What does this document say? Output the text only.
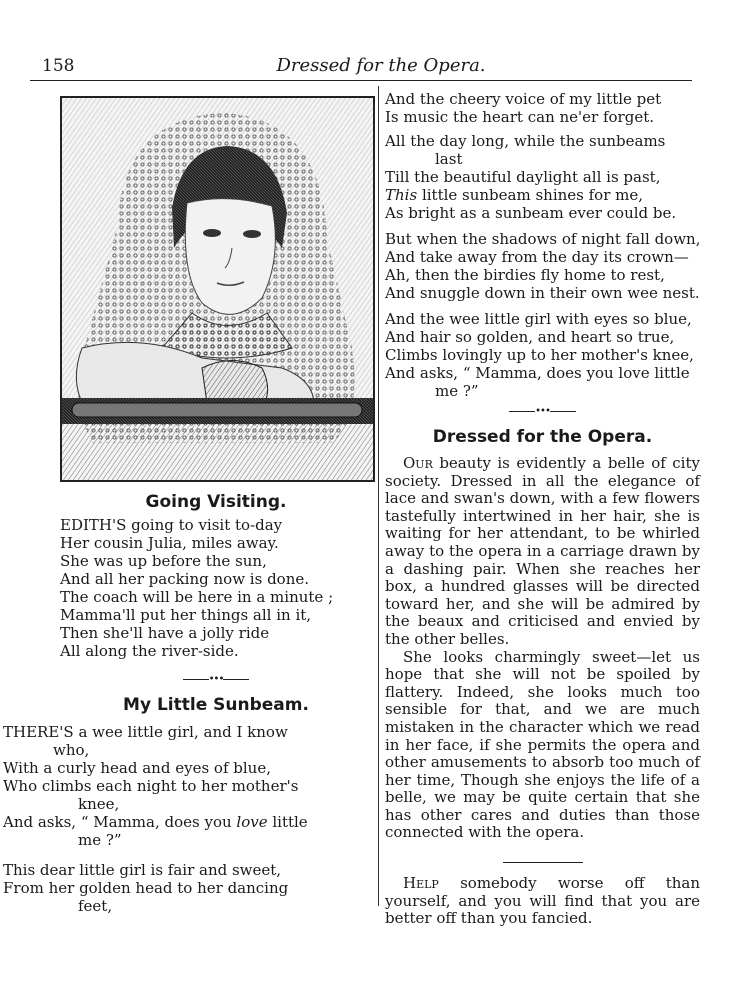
158	Dressed for the Opera.
Going Visiting.
EDITH'S going to visit to-day
Her cousin Julia, miles away.
She was up before the sun,
And all her packing now is done.
The coach will be here in a minute ;
Mamma'll put her things all in it,
Then she'll have a jolly ride
All along the river-side.
•••
My Little Sunbeam.
THERE'S a wee little girl, and I know
who,
With a curly head and eyes of blue,
Who climbs each night to her mother's
knee,
And asks, “ Mamma, does you love little
me ?”
This dear little girl is fair and sweet,
From her golden head to her dancing
feet,
And the cheery voice of my little pet
Is music the heart can ne'er forget.
All the day long, while the sunbeams
last
Till the beautiful daylight all is past,
This little sunbeam shines for me,
As bright as a sunbeam ever could be.
But when the shadows of night fall down,
And take away from the day its crown—
Ah, then the birdies fly home to rest,
And snuggle down in their own wee nest.
And the wee little girl with eyes so blue,
And hair so golden, and heart so true,
Climbs lovingly up to her mother's knee,
And asks, “ Mamma, does you love little
me ?”
•••
Dressed for the Opera.

Our beauty is evidently a belle of city society. Dressed in all the elegance of lace and swan's down, with a few flowers tastefully intertwined in her hair, she is waiting for her attendant, to be whirled away to the opera in a carriage drawn by a dashing pair. When she reaches her box, a hundred glasses will be directed toward her, and she will be admired by the beaux and criticised and envied by the other belles.

She looks charmingly sweet—let us hope that she will not be spoiled by flattery. Indeed, she looks much too sensible for that, and we are much mistaken in the character which we read in her face, if she permits the opera and other amusements to absorb too much of her time, Though she enjoys the life of a belle, we may be quite certain that she has other cares and duties than those connected with the opera.

Help somebody worse off than yourself, and you will find that you are better off than you fancied.
